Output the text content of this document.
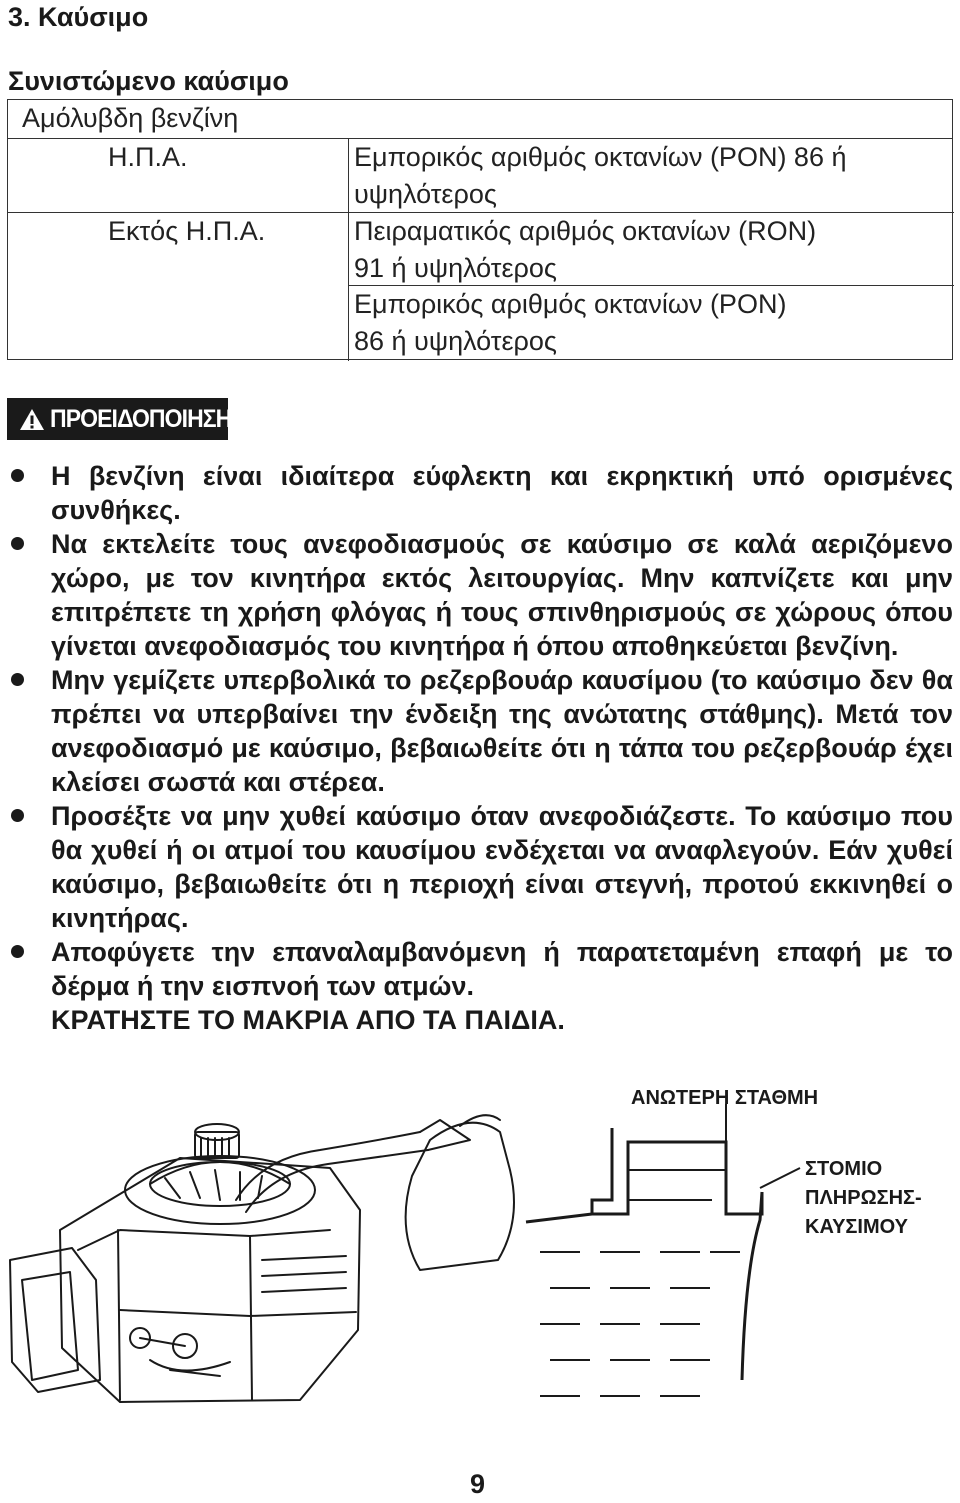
3. Καύσιμο
Συνιστώμενο καύσιμο
Αμόλυβδη βενζίνη
Η.Π.Α.	Εμπορικός αριθμός οκτανίων (PON) 86 ή
υψηλότερος
Εκτός Η.Π.Α.	Πειραματικός αριθμός οκτανίων (RON)
91 ή υψηλότερος
Εμπορικός αριθμός οκτανίων (PON)
86 ή υψηλότερος
ΠΡΟΕΙΔΟΠΟΙΗΣΗ
Η βενζίνη είναι ιδιαίτερα εύφλεκτη και εκρηκτική υπό ορισμένες συνθήκες.
Να εκτελείτε τους ανεφοδιασμούς σε καύσιμο σε καλά αεριζόμενο χώρο, με τον κινητήρα εκτός λειτουργίας. Μην καπνίζετε και μην επιτρέπετε τη χρήση φλόγας ή τους σπινθηρισμούς σε χώρους όπου γίνεται ανεφοδιασμός του κινητήρα ή όπου αποθηκεύεται βενζίνη.
Μην γεμίζετε υπερβολικά το ρεζερβουάρ καυσίμου (το καύσιμο δεν θα πρέπει να υπερβαίνει την ένδειξη της ανώτατης στάθμης). Μετά τον ανεφοδιασμό με καύσιμο, βεβαιωθείτε ότι η τάπα του ρεζερβουάρ έχει κλείσει σωστά και στέρεα.
Προσέξτε να μην χυθεί καύσιμο όταν ανεφοδιάζεστε. Το καύσιμο που θα χυθεί ή οι ατμοί του καυσίμου ενδέχεται να αναφλεγούν. Εάν χυθεί καύσιμο, βεβαιωθείτε ότι η περιοχή είναι στεγνή, προτού εκκινηθεί ο κινητήρας.
Αποφύγετε την επαναλαμβανόμενη ή παρατεταμένη επαφή με το δέρμα ή την εισπνοή των ατμών.
ΚΡΑΤΗΣΤΕ ΤΟ ΜΑΚΡΙΑ ΑΠΟ ΤΑ ΠΑΙΔΙΑ.
ΑΝΩΤΕΡΗ ΣΤΑΘΜΗ
ΣΤΟΜΙΟ
ΠΛΗΡΩΣΗΣ-
ΚΑΥΣΙΜΟΥ
9
